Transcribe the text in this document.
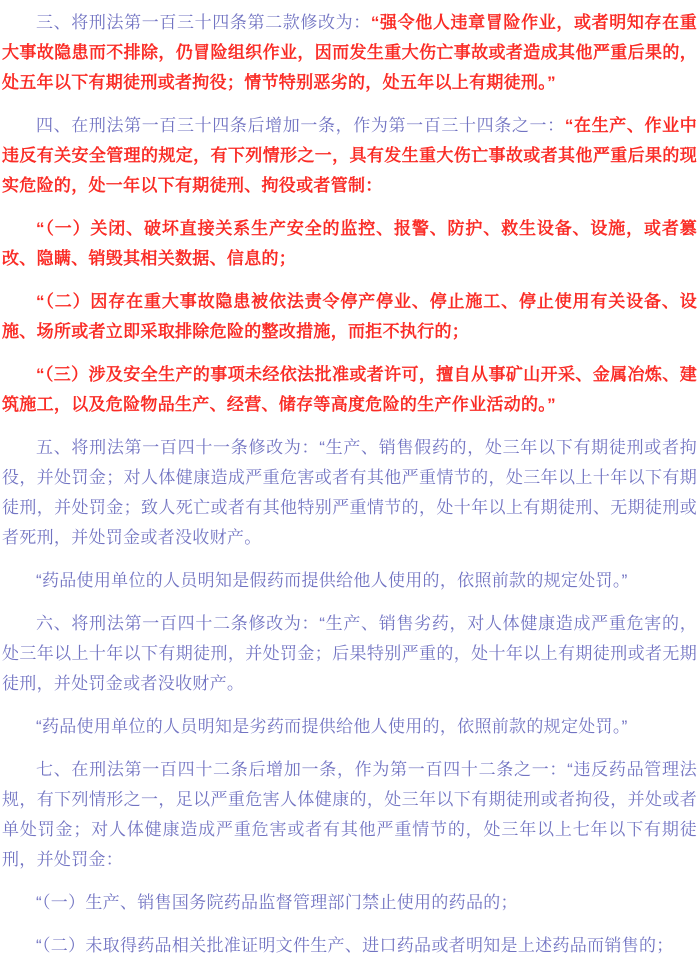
三、将刑法第一百三十四条第二款修改为：“强令他人违章冒险作业，或者明知存在重大事故隐患而不排除，仍冒险组织作业，因而发生重大伤亡事故或者造成其他严重后果的，处五年以下有期徒刑或者拘役；情节特别恶劣的，处五年以上有期徒刑。”

四、在刑法第一百三十四条后增加一条，作为第一百三十四条之一：“在生产、作业中违反有关安全管理的规定，有下列情形之一，具有发生重大伤亡事故或者其他严重后果的现实危险的，处一年以下有期徒刑、拘役或者管制：

“（一）关闭、破坏直接关系生产安全的监控、报警、防护、救生设备、设施，或者篡改、隐瞒、销毁其相关数据、信息的；

“（二）因存在重大事故隐患被依法责令停产停业、停止施工、停止使用有关设备、设施、场所或者立即采取排除危险的整改措施，而拒不执行的；

“（三）涉及安全生产的事项未经依法批准或者许可，擅自从事矿山开采、金属冶炼、建筑施工，以及危险物品生产、经营、储存等高度危险的生产作业活动的。”

五、将刑法第一百四十一条修改为：“生产、销售假药的，处三年以下有期徒刑或者拘役，并处罚金；对人体健康造成严重危害或者有其他严重情节的，处三年以上十年以下有期徒刑，并处罚金；致人死亡或者有其他特别严重情节的，处十年以上有期徒刑、无期徒刑或者死刑，并处罚金或者没收财产。

“药品使用单位的人员明知是假药而提供给他人使用的，依照前款的规定处罚。”

六、将刑法第一百四十二条修改为：“生产、销售劣药，对人体健康造成严重危害的，处三年以上十年以下有期徒刑，并处罚金；后果特别严重的，处十年以上有期徒刑或者无期徒刑，并处罚金或者没收财产。

“药品使用单位的人员明知是劣药而提供给他人使用的，依照前款的规定处罚。”

七、在刑法第一百四十二条后增加一条，作为第一百四十二条之一：“违反药品管理法规，有下列情形之一，足以严重危害人体健康的，处三年以下有期徒刑或者拘役，并处或者单处罚金；对人体健康造成严重危害或者有其他严重情节的，处三年以上七年以下有期徒刑，并处罚金：

“（一）生产、销售国务院药品监督管理部门禁止使用的药品的；

“（二）未取得药品相关批准证明文件生产、进口药品或者明知是上述药品而销售的；
